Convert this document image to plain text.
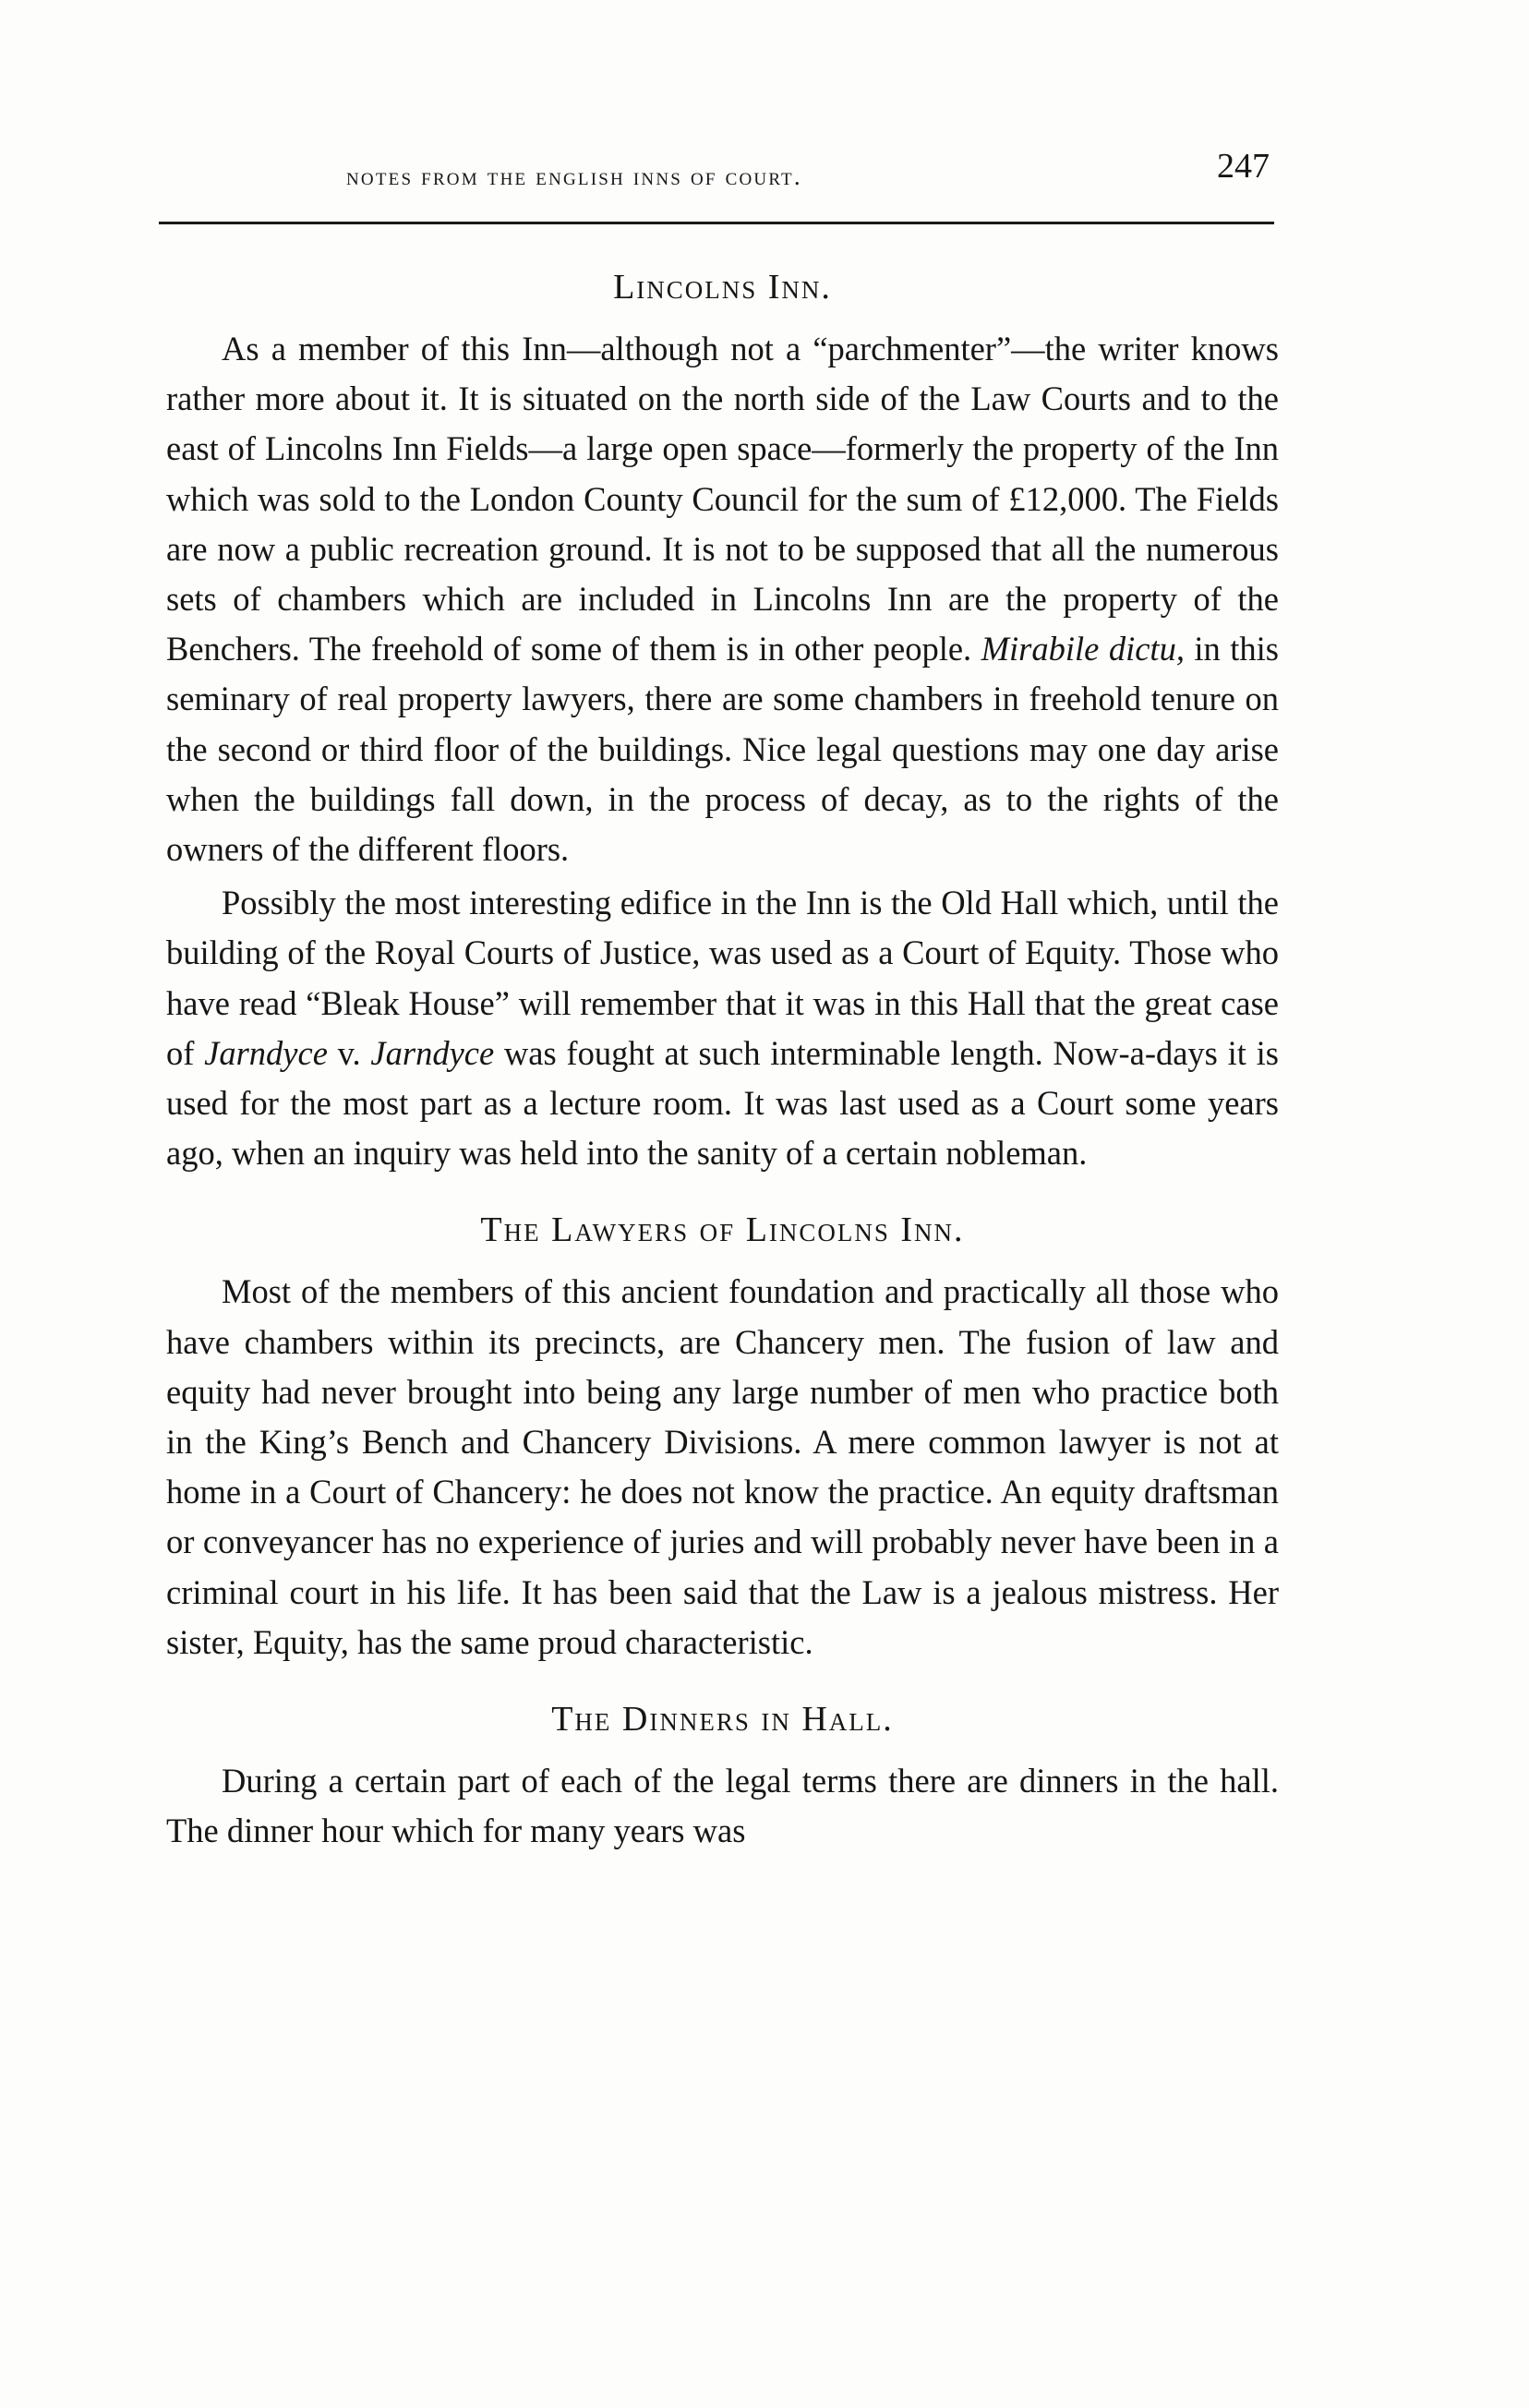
notes from the english inns of court.	247
Lincolns Inn.

As a member of this Inn—although not a “parchmenter”—the writer knows rather more about it. It is situated on the north side of the Law Courts and to the east of Lincolns Inn Fields—a large open space—formerly the property of the Inn which was sold to the London County Council for the sum of £12,000. The Fields are now a public recreation ground. It is not to be supposed that all the numerous sets of chambers which are included in Lincolns Inn are the property of the Benchers. The freehold of some of them is in other people. Mirabile dictu, in this seminary of real property lawyers, there are some chambers in freehold tenure on the second or third floor of the buildings. Nice legal questions may one day arise when the buildings fall down, in the process of decay, as to the rights of the owners of the different floors.

Possibly the most interesting edifice in the Inn is the Old Hall which, until the building of the Royal Courts of Justice, was used as a Court of Equity. Those who have read “Bleak House” will remember that it was in this Hall that the great case of Jarndyce v. Jarndyce was fought at such interminable length. Now-a-days it is used for the most part as a lecture room. It was last used as a Court some years ago, when an inquiry was held into the sanity of a certain nobleman.

The Lawyers of Lincolns Inn.

Most of the members of this ancient foundation and practically all those who have chambers within its precincts, are Chancery men. The fusion of law and equity had never brought into being any large number of men who practice both in the King’s Bench and Chancery Divisions. A mere common lawyer is not at home in a Court of Chancery: he does not know the practice. An equity draftsman or conveyancer has no experience of juries and will probably never have been in a criminal court in his life. It has been said that the Law is a jealous mistress. Her sister, Equity, has the same proud characteristic.

The Dinners in Hall.

During a certain part of each of the legal terms there are dinners in the hall. The dinner hour which for many years was
